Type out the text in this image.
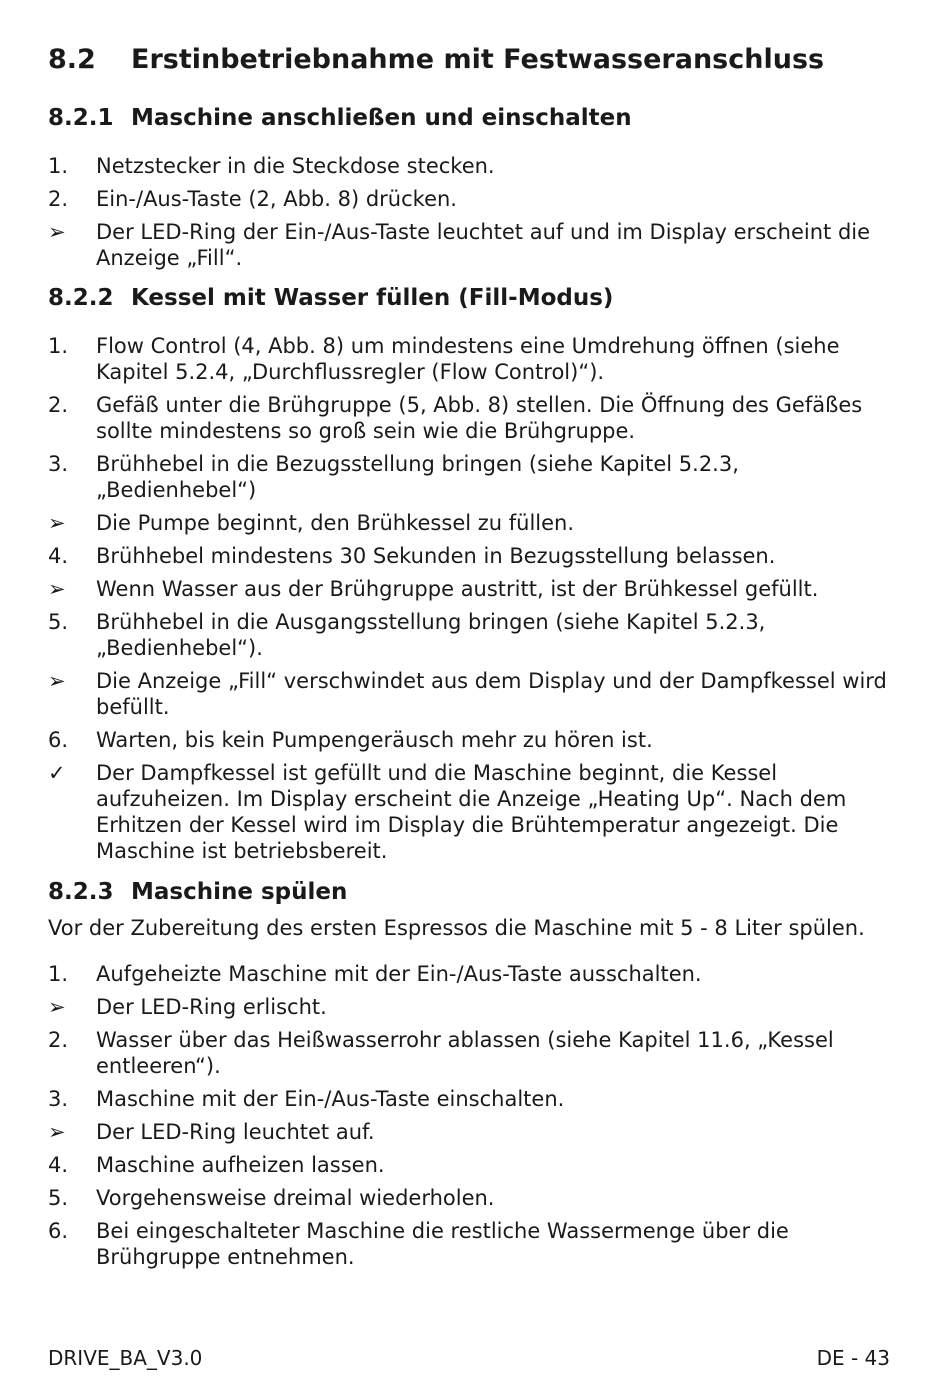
8.2 Erstinbetriebnahme mit Festwasseranschluss
8.2.1 Maschine anschließen und einschalten
1.	Netzstecker in die Steckdose stecken.
2.	Ein-/Aus-Taste (2, Abb. 8) drücken.
➢	Der LED-Ring der Ein-/Aus-Taste leuchtet auf und im Display erscheint die Anzeige „Fill“.
8.2.2 Kessel mit Wasser füllen (Fill-Modus)
1.	Flow Control (4, Abb. 8) um mindestens eine Umdrehung öffnen (siehe Kapitel 5.2.4, „Durchflussregler (Flow Control)“).
2.	Gefäß unter die Brühgruppe (5, Abb. 8) stellen. Die Öffnung des Gefäßes sollte mindestens so groß sein wie die Brühgruppe.
3.	Brühhebel in die Bezugsstellung bringen (siehe Kapitel 5.2.3, „Bedienhebel“)
➢	Die Pumpe beginnt, den Brühkessel zu füllen.
4.	Brühhebel mindestens 30 Sekunden in Bezugsstellung belassen.
➢	Wenn Wasser aus der Brühgruppe austritt, ist der Brühkessel gefüllt.
5.	Brühhebel in die Ausgangsstellung bringen (siehe Kapitel 5.2.3, „Bedienhebel“).
➢	Die Anzeige „Fill“ verschwindet aus dem Display und der Dampfkessel wird befüllt.
6.	Warten, bis kein Pumpengeräusch mehr zu hören ist.
✓	Der Dampfkessel ist gefüllt und die Maschine beginnt, die Kessel aufzuheizen. Im Display erscheint die Anzeige „Heating Up“. Nach dem Erhitzen der Kessel wird im Display die Brühtemperatur angezeigt. Die Maschine ist betriebsbereit.
8.2.3 Maschine spülen
Vor der Zubereitung des ersten Espressos die Maschine mit 5 - 8 Liter spülen.
1.	Aufgeheizte Maschine mit der Ein-/Aus-Taste ausschalten.
➢	Der LED-Ring erlischt.
2.	Wasser über das Heißwasserrohr ablassen (siehe Kapitel 11.6, „Kessel entleeren“).
3.	Maschine mit der Ein-/Aus-Taste einschalten.
➢	Der LED-Ring leuchtet auf.
4.	Maschine aufheizen lassen.
5.	Vorgehensweise dreimal wiederholen.
6.	Bei eingeschalteter Maschine die restliche Wassermenge über die Brühgruppe entnehmen.
DRIVE_BA_V3.0	DE - 43
